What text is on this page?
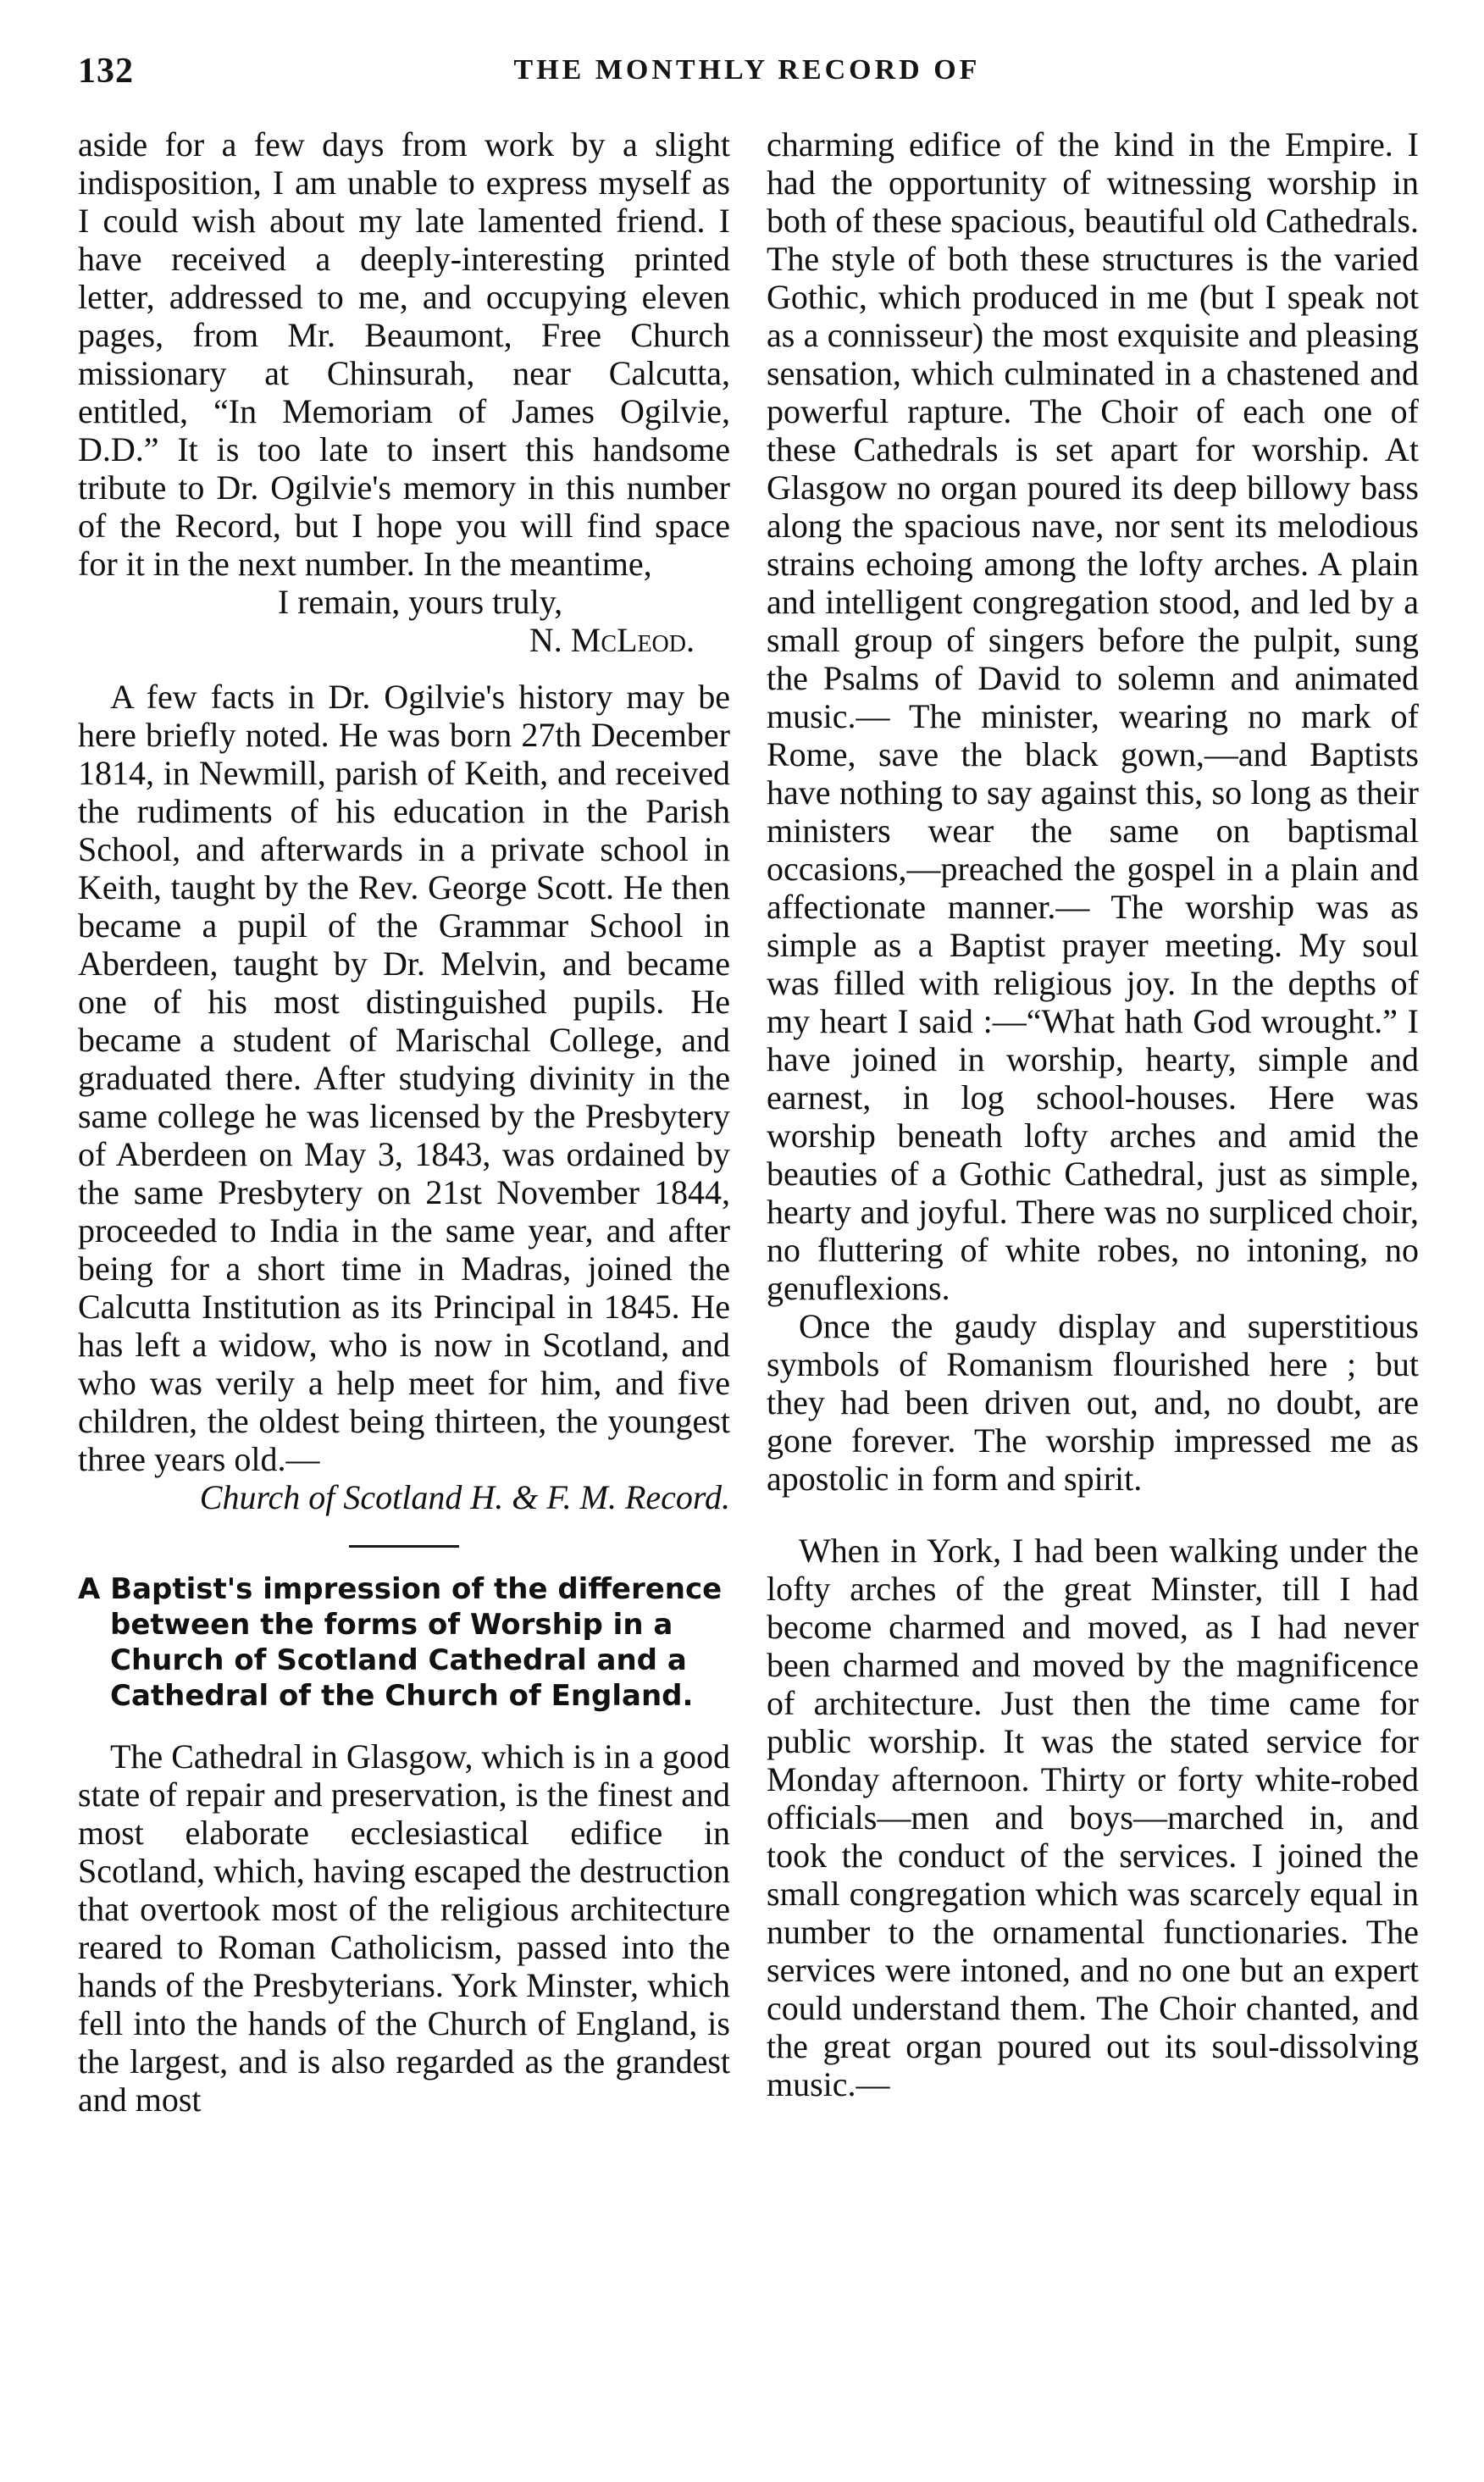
132	THE MONTHLY RECORD OF

aside for a few days from work by a slight indisposition, I am unable to express myself as I could wish about my late lamented friend. I have received a deeply-interesting printed letter, addressed to me, and occupying eleven pages, from Mr. Beaumont, Free Church missionary at Chinsurah, near Calcutta, entitled, “In Memoriam of James Ogilvie, D.D.” It is too late to insert this handsome tribute to Dr. Ogilvie's memory in this number of the Record, but I hope you will find space for it in the next number. In the meantime,

I remain, yours truly,

N. McLeod.

A few facts in Dr. Ogilvie's history may be here briefly noted. He was born 27th December 1814, in Newmill, parish of Keith, and received the rudiments of his education in the Parish School, and afterwards in a private school in Keith, taught by the Rev. George Scott. He then became a pupil of the Grammar School in Aberdeen, taught by Dr. Melvin, and became one of his most distinguished pupils. He became a student of Marischal College, and graduated there. After studying divinity in the same college he was licensed by the Presbytery of Aberdeen on May 3, 1843, was ordained by the same Presbytery on 21st November 1844, proceeded to India in the same year, and after being for a short time in Madras, joined the Calcutta Institution as its Principal in 1845. He has left a widow, who is now in Scotland, and who was verily a help meet for him, and five children, the oldest being thirteen, the youngest three years old.—

Church of Scotland H. & F. M. Record.

A Baptist's impression of the difference between the forms of Worship in a Church of Scotland Cathedral and a Cathedral of the Church of England.

The Cathedral in Glasgow, which is in a good state of repair and preservation, is the finest and most elaborate ecclesiastical edifice in Scotland, which, having escaped the destruction that overtook most of the religious architecture reared to Roman Catholicism, passed into the hands of the Presbyterians. York Minster, which fell into the hands of the Church of England, is the largest, and is also regarded as the grandest and most

charming edifice of the kind in the Empire. I had the opportunity of witnessing worship in both of these spacious, beautiful old Cathedrals. The style of both these structures is the varied Gothic, which produced in me (but I speak not as a connisseur) the most exquisite and pleasing sensation, which culminated in a chastened and powerful rapture. The Choir of each one of these Cathedrals is set apart for worship. At Glasgow no organ poured its deep billowy bass along the spacious nave, nor sent its melodious strains echoing among the lofty arches. A plain and intelligent congregation stood, and led by a small group of singers before the pulpit, sung the Psalms of David to solemn and animated music.— The minister, wearing no mark of Rome, save the black gown,—and Baptists have nothing to say against this, so long as their ministers wear the same on baptismal occasions,—preached the gospel in a plain and affectionate manner.— The worship was as simple as a Baptist prayer meeting. My soul was filled with religious joy. In the depths of my heart I said :—“What hath God wrought.” I have joined in worship, hearty, simple and earnest, in log school-houses. Here was worship beneath lofty arches and amid the beauties of a Gothic Cathedral, just as simple, hearty and joyful. There was no surpliced choir, no fluttering of white robes, no intoning, no genuflexions.

Once the gaudy display and superstitious symbols of Romanism flourished here ; but they had been driven out, and, no doubt, are gone forever. The worship impressed me as apostolic in form and spirit.

When in York, I had been walking under the lofty arches of the great Minster, till I had become charmed and moved, as I had never been charmed and moved by the magnificence of architecture. Just then the time came for public worship. It was the stated service for Monday afternoon. Thirty or forty white-robed officials—men and boys—marched in, and took the conduct of the services. I joined the small congregation which was scarcely equal in number to the ornamental functionaries. The services were intoned, and no one but an expert could understand them. The Choir chanted, and the great organ poured out its soul-dissolving music.—
